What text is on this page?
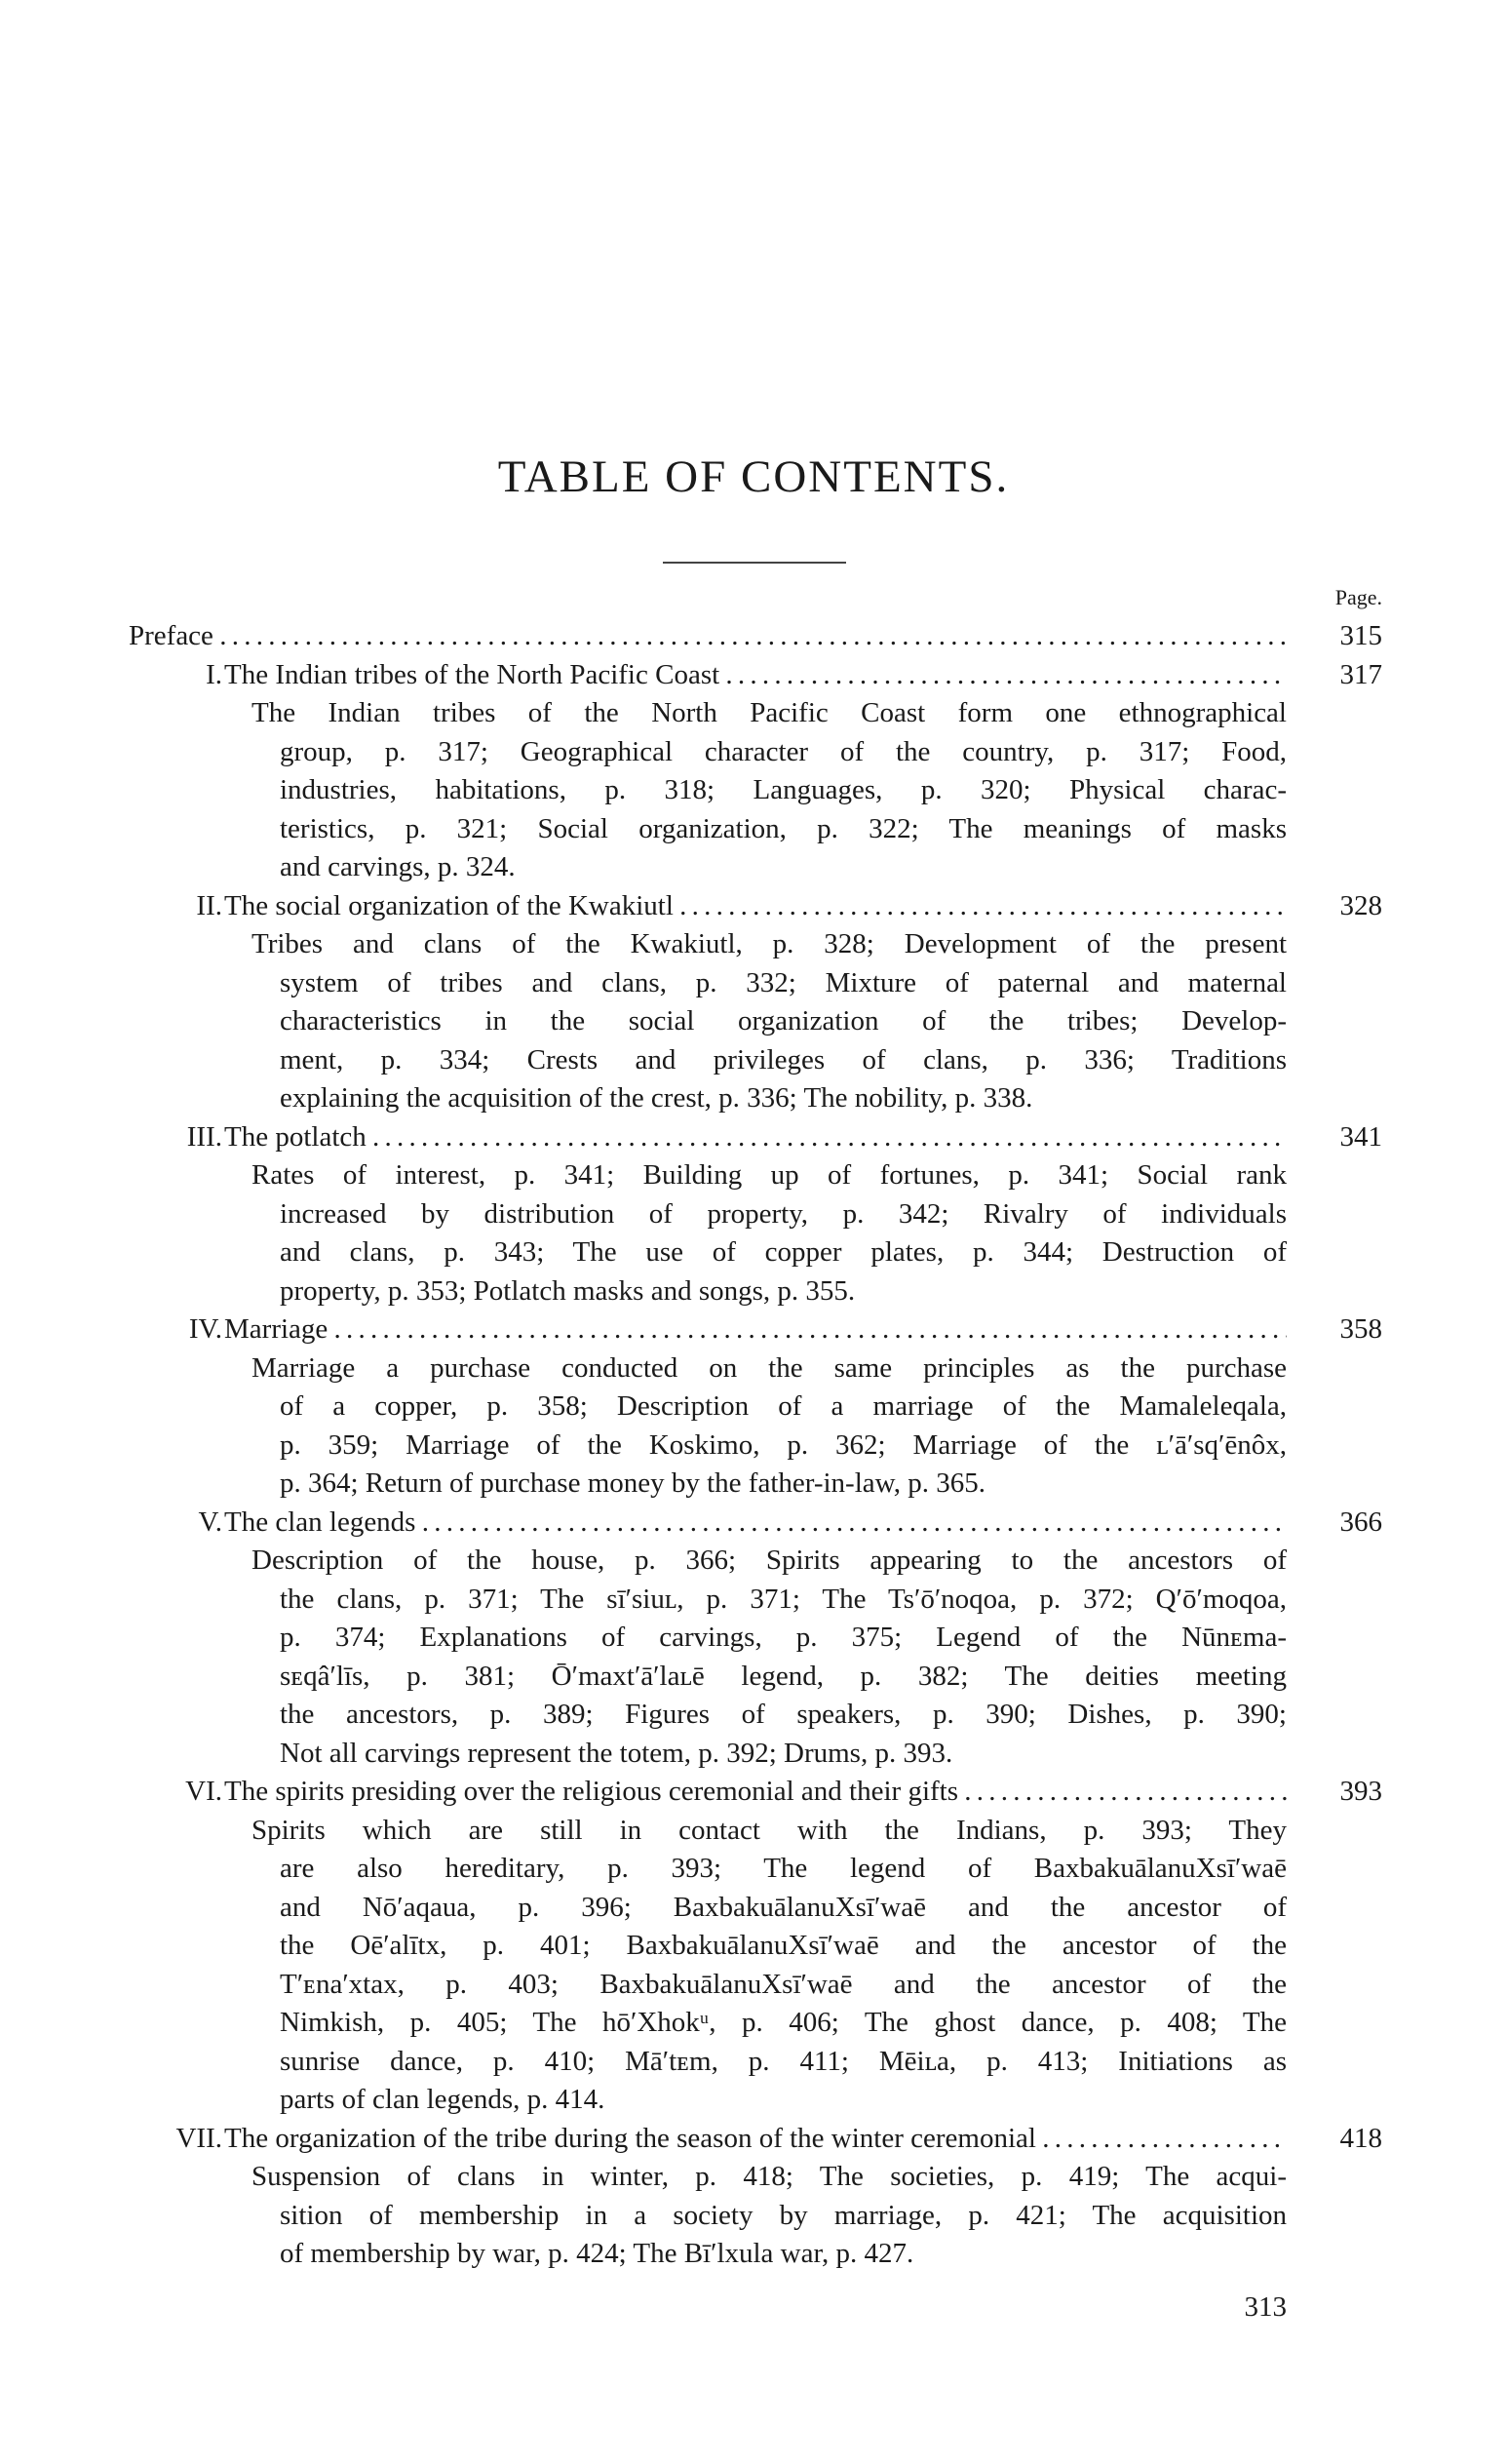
TABLE OF CONTENTS.
Page.
Preface . . .	315
I. The Indian tribes of the North Pacific Coast . . .	317
The Indian tribes of the North Pacific Coast form one ethnographical
group, p. 317; Geographical character of the country, p. 317; Food,
industries, habitations, p. 318; Languages, p. 320; Physical charac-
teristics, p. 321; Social organization, p. 322; The meanings of masks
and carvings, p. 324.
II. The social organization of the Kwakiutl . . .	328
Tribes and clans of the Kwakiutl, p. 328; Development of the present
system of tribes and clans, p. 332; Mixture of paternal and maternal
characteristics in the social organization of the tribes; Develop-
ment, p. 334; Crests and privileges of clans, p. 336; Traditions
explaining the acquisition of the crest, p. 336; The nobility, p. 338.
III. The potlatch . . .	341
Rates of interest, p. 341; Building up of fortunes, p. 341; Social rank
increased by distribution of property, p. 342; Rivalry of individuals
and clans, p. 343; The use of copper plates, p. 344; Destruction of
property, p. 353; Potlatch masks and songs, p. 355.
IV. Marriage . . .	358
Marriage a purchase conducted on the same principles as the purchase
of a copper, p. 358; Description of a marriage of the Mamaleleqala,
p. 359; Marriage of the Koskimo, p. 362; Marriage of the ʟ′ā′sq′ēnôx,
p. 364; Return of purchase money by the father-in-law, p. 365.
V. The clan legends . . .	366
Description of the house, p. 366; Spirits appearing to the ancestors of
the clans, p. 371; The sī′siuʟ, p. 371; The Ts′ō′noqoa, p. 372; Q′ō′moqoa,
p. 374; Explanations of carvings, p. 375; Legend of the Nūnᴇma-
sᴇqâ′līs, p. 381; Ō′maxt′ā′laʟē legend, p. 382; The deities meeting
the ancestors, p. 389; Figures of speakers, p. 390; Dishes, p. 390;
Not all carvings represent the totem, p. 392; Drums, p. 393.
VI. The spirits presiding over the religious ceremonial and their gifts . . .	393
Spirits which are still in contact with the Indians, p. 393; They
are also hereditary, p. 393; The legend of BaxbakuālanuXsī′waē
and Nō′aqaua, p. 396; BaxbakuālanuXsī′waē and the ancestor of
the Oē′alītx, p. 401; BaxbakuālanuXsī′waē and the ancestor of the
T′ᴇna′xtax, p. 403; BaxbakuālanuXsī′waē and the ancestor of the
Nimkish, p. 405; The hō′Xhokᵘ, p. 406; The ghost dance, p. 408; The
sunrise dance, p. 410; Mā′tᴇm, p. 411; Mēiʟa, p. 413; Initiations as
parts of clan legends, p. 414.
VII. The organization of the tribe during the season of the winter ceremonial . . .	418
Suspension of clans in winter, p. 418; The societies, p. 419; The acqui-
sition of membership in a society by marriage, p. 421; The acquisition
of membership by war, p. 424; The Bī′lxula war, p. 427.
313
